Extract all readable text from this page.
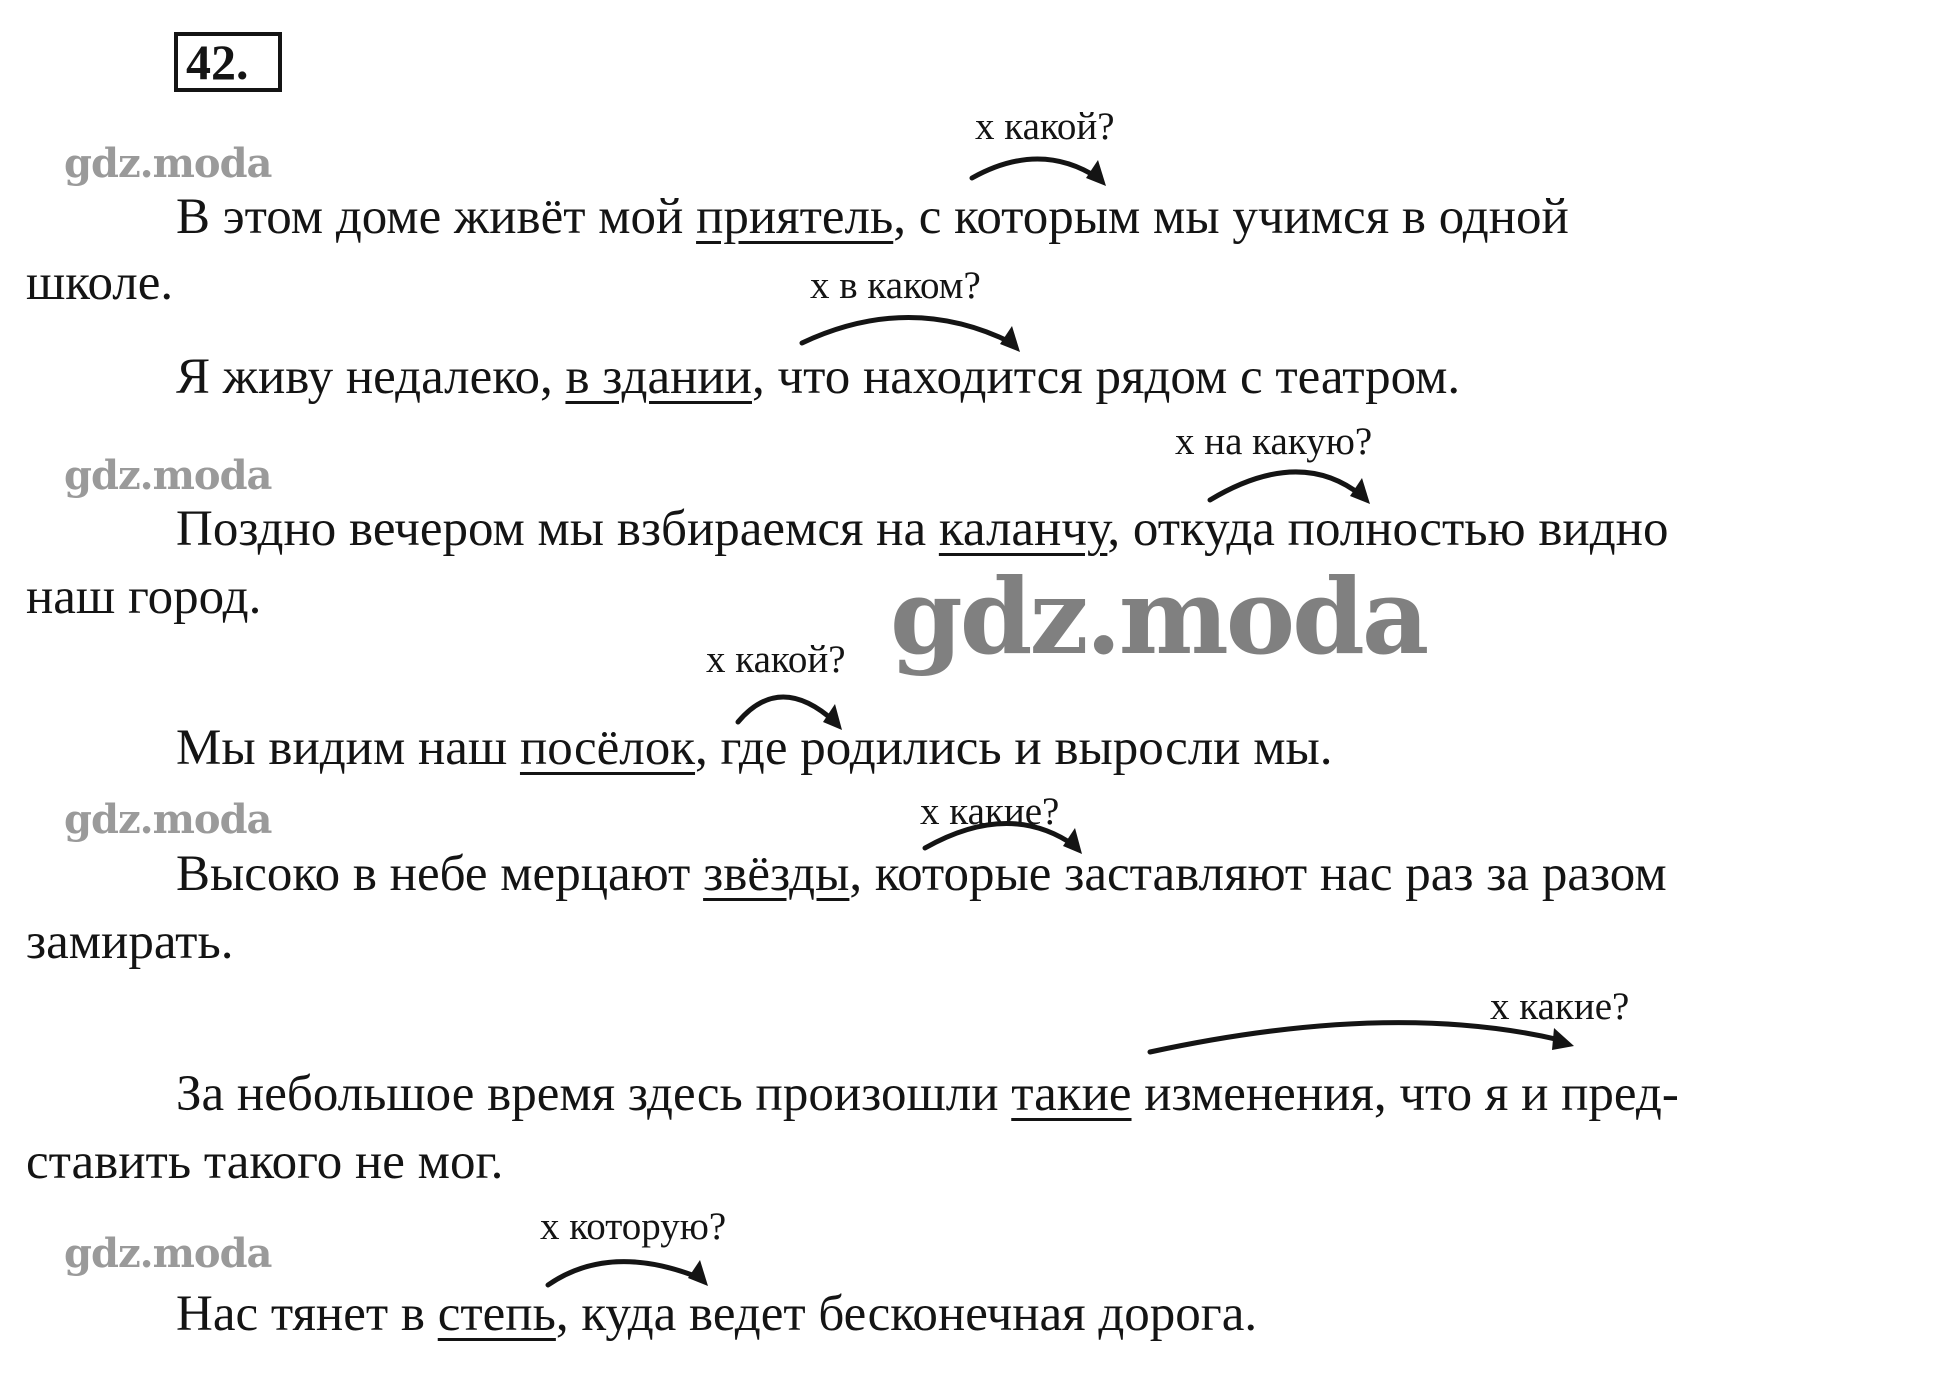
42.
gdz.moda
gdz.moda
gdz.moda
gdz.moda
gdz.moda
х какой?
х в каком?
х на какую?
х какой?
х какие?
х какие?
х которую?
В этом доме живёт мой приятель, с которым мы учимся в одной
школе.
Я живу недалеко, в здании, что находится рядом с театром.
Поздно вечером мы взбираемся на каланчу, откуда полностью видно
наш город.
Мы видим наш посёлок, где родились и выросли мы.
Высоко в небе мерцают звёзды, которые заставляют нас раз за разом
замирать.
За небольшое время здесь произошли такие изменения, что я и пред-
ставить такого не мог.
Нас тянет в степь, куда ведет бесконечная дорога.
